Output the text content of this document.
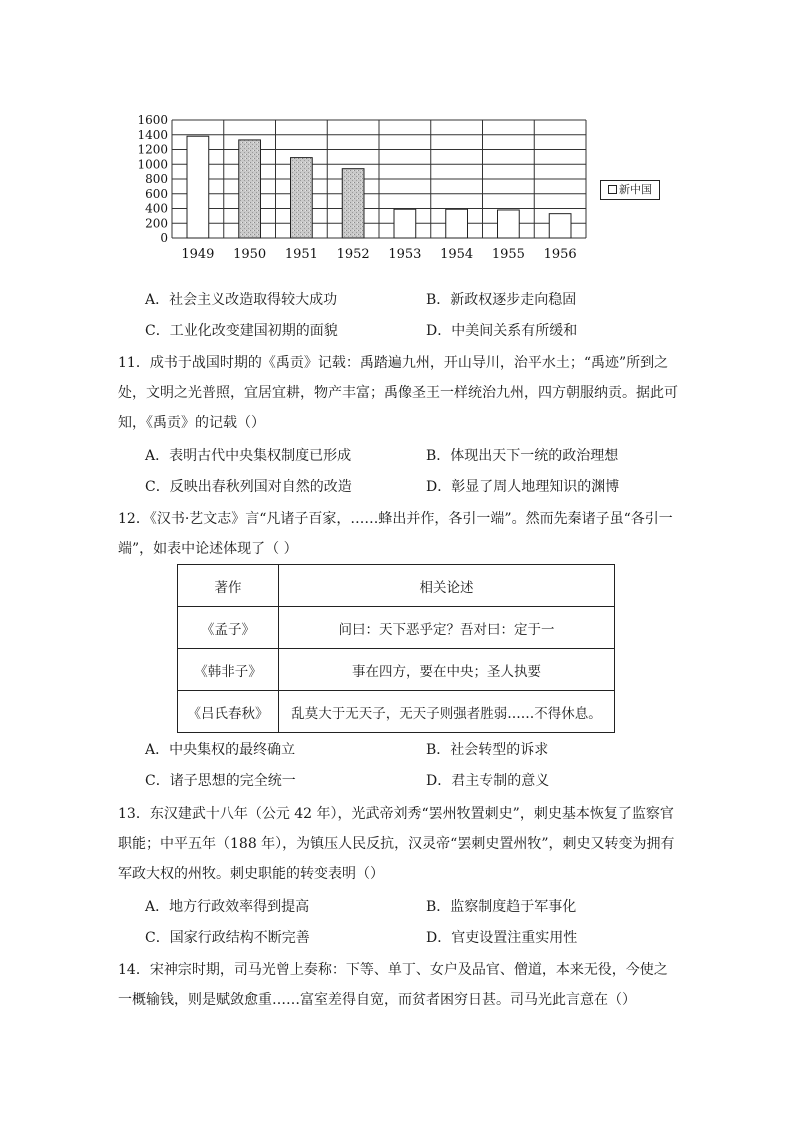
1600
1400
1200
1000
800
600
400
200
0
1949 1950 1951 1952 1953 1954 1955 1956
新中国
A．社会主义改造取得较大成功	B．新政权逐步走向稳固
C．工业化改变建国初期的面貌	D．中美间关系有所缓和
11．成书于战国时期的《禹贡》记载：禹踏遍九州，开山导川，治平水土；“禹迹”所到之处，文明之光普照，宜居宜耕，物产丰富；禹像圣王一样统治九州，四方朝服纳贡。据此可知，《禹贡》的记载（）
A．表明古代中央集权制度已形成	B．体现出天下一统的政治理想
C．反映出春秋列国对自然的改造	D．彰显了周人地理知识的渊博
12．《汉书·艺文志》言“凡诸子百家，……蜂出并作，各引一端”。然而先秦诸子虽“各引一端”，如表中论述体现了（ ）
著作	相关论述
《孟子》	问曰：天下恶乎定？吾对曰：定于一
《韩非子》	事在四方，要在中央；圣人执要
《吕氏春秋》	乱莫大于无天子，无天子则强者胜弱……不得休息。
A．中央集权的最终确立	B．社会转型的诉求
C．诸子思想的完全统一	D．君主专制的意义
13．东汉建武十八年（公元 42 年），光武帝刘秀“罢州牧置刺史”，刺史基本恢复了监察官职能；中平五年（188 年），为镇压人民反抗，汉灵帝“罢刺史置州牧”，刺史又转变为拥有军政大权的州牧。刺史职能的转变表明（）
A．地方行政效率得到提高	B．监察制度趋于军事化
C．国家行政结构不断完善	D．官吏设置注重实用性
14．宋神宗时期，司马光曾上奏称：下等、单丁、女户及品官、僧道，本来无役，今使之一概输钱，则是赋敛愈重……富室差得自宽，而贫者困穷日甚。司马光此言意在（）
